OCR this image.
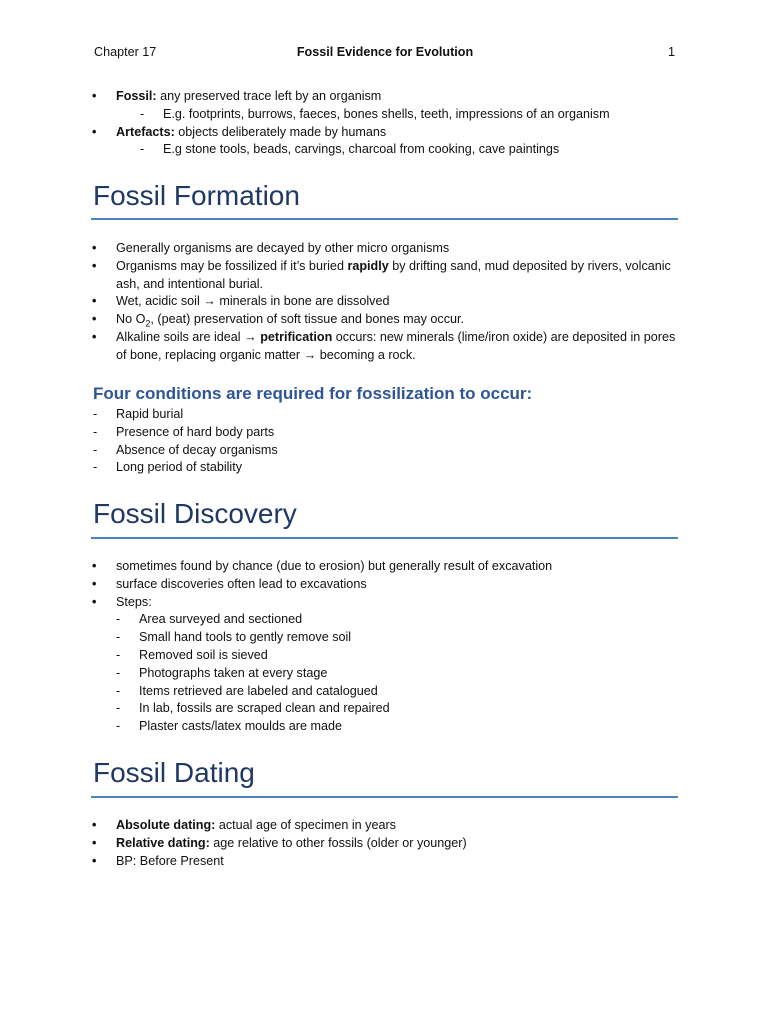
Chapter 17	Fossil Evidence for Evolution	1
• Fossil: any preserved trace left by an organism
- E.g. footprints, burrows, faeces, bones shells, teeth, impressions of an organism
• Artefacts: objects deliberately made by humans
- E.g stone tools, beads, carvings, charcoal from cooking, cave paintings
Fossil Formation
• Generally organisms are decayed by other micro organisms
• Organisms may be fossilized if it’s buried rapidly by drifting sand, mud deposited by rivers, volcanic ash, and intentional burial.
• Wet, acidic soil → minerals in bone are dissolved
• No $O_2$, (peat) preservation of soft tissue and bones may occur.
• Alkaline soils are ideal → petrification occurs: new minerals (lime/iron oxide) are deposited in pores of bone, replacing organic matter → becoming a rock.
Four conditions are required for fossilization to occur:
- Rapid burial
- Presence of hard body parts
- Absence of decay organisms
- Long period of stability
Fossil Discovery
• sometimes found by chance (due to erosion) but generally result of excavation
• surface discoveries often lead to excavations
• Steps:
- Area surveyed and sectioned
- Small hand tools to gently remove soil
- Removed soil is sieved
- Photographs taken at every stage
- Items retrieved are labeled and catalogued
- In lab, fossils are scraped clean and repaired
- Plaster casts/latex moulds are made
Fossil Dating
• Absolute dating: actual age of specimen in years
• Relative dating: age relative to other fossils (older or younger)
• BP: Before Present
